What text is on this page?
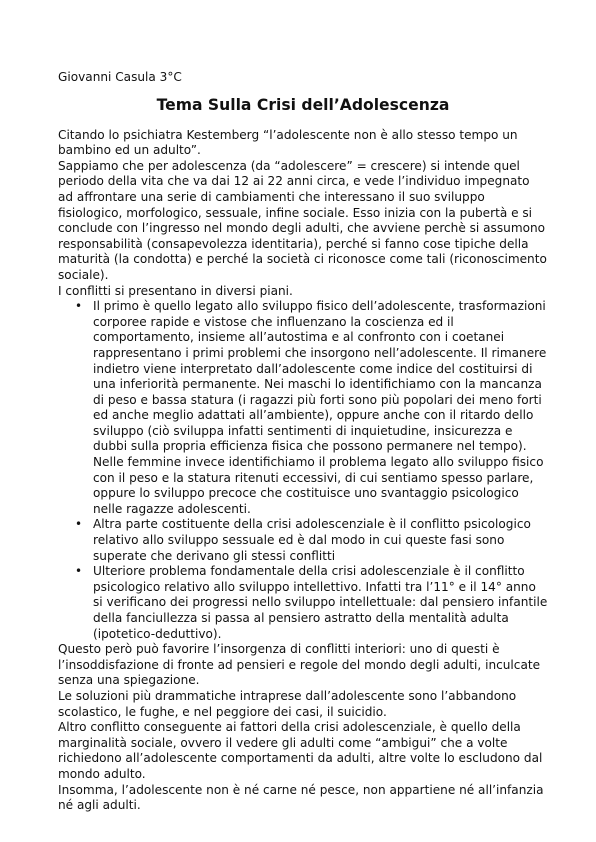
Giovanni Casula 3°C

Tema Sulla Crisi dell’Adolescenza

Citando lo psichiatra Kestemberg “l’adolescente non è allo stesso tempo un bambino ed un adulto”.

Sappiamo che per adolescenza (da “adolescere” = crescere) si intende quel periodo della vita che va dai 12 ai 22 anni circa, e vede l’individuo impegnato ad affrontare una serie di cambiamenti che interessano il suo sviluppo fisiologico, morfologico, sessuale, infine sociale. Esso inizia con la pubertà e si conclude con l’ingresso nel mondo degli adulti, che avviene perchè si assumono responsabilità (consapevolezza identitaria), perché si fanno cose tipiche della maturità (la condotta) e perché la società ci riconosce come tali (riconoscimento sociale).

I conflitti si presentano in diversi piani.

• Il primo è quello legato allo sviluppo fisico dell’adolescente, trasformazioni corporee rapide e vistose che influenzano la coscienza ed il comportamento, insieme all’autostima e al confronto con i coetanei rappresentano i primi problemi che insorgono nell’adolescente. Il rimanere indietro viene interpretato dall’adolescente come indice del costituirsi di una inferiorità permanente. Nei maschi lo identifichiamo con la mancanza di peso e bassa statura (i ragazzi più forti sono più popolari dei meno forti ed anche meglio adattati all’ambiente), oppure anche con il ritardo dello sviluppo (ciò sviluppa infatti sentimenti di inquietudine, insicurezza e dubbi sulla propria efficienza fisica che possono permanere nel tempo). Nelle femmine invece identifichiamo il problema legato allo sviluppo fisico con il peso e la statura ritenuti eccessivi, di cui sentiamo spesso parlare, oppure lo sviluppo precoce che costituisce uno svantaggio psicologico nelle ragazze adolescenti.
• Altra parte costituente della crisi adolescenziale è il conflitto psicologico relativo allo sviluppo sessuale ed è dal modo in cui queste fasi sono superate che derivano gli stessi conflitti
• Ulteriore problema fondamentale della crisi adolescenziale è il conflitto psicologico relativo allo sviluppo intellettivo. Infatti tra l’11° e il 14° anno si verificano dei progressi nello sviluppo intellettuale: dal pensiero infantile della fanciullezza si passa al pensiero astratto della mentalità adulta (ipotetico-deduttivo).

Questo però può favorire l’insorgenza di conflitti interiori: uno di questi è l’insoddisfazione di fronte ad pensieri e regole del mondo degli adulti, inculcate senza una spiegazione.

Le soluzioni più drammatiche intraprese dall’adolescente sono l’abbandono scolastico, le fughe, e nel peggiore dei casi, il suicidio.

Altro conflitto conseguente ai fattori della crisi adolescenziale, è quello della marginalità sociale, ovvero il vedere gli adulti come “ambigui” che a volte richiedono all’adolescente comportamenti da adulti, altre volte lo escludono dal mondo adulto.

Insomma, l’adolescente non è né carne né pesce, non appartiene né all’infanzia né agli adulti.
